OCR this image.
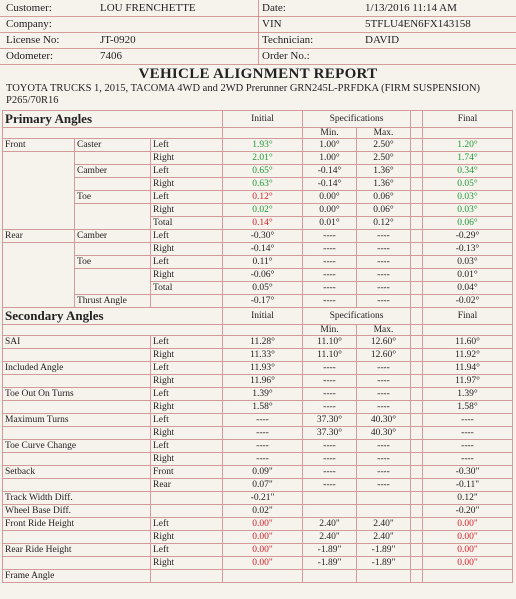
Customer:	LOU FRENCHETTE
Company:
License No:	JT-0920
Odometer:	7406
Date:	1/13/2016 11:14 AM
VIN	5TFLU4EN6FX143158
Technician:	DAVID
Order No.:
VEHICLE ALIGNMENT REPORT
TOYOTA TRUCKS 1, 2015, TACOMA 4WD and 2WD Prerunner GRN245L-PRFDKA (FIRM SUSPENSION) P265/70R16
Primary Angles			Initial	Specifications			Final
				Min.	Max.		
Front	Caster	Left	1.93°	1.00°	2.50°		1.20°
		Right	2.01°	1.00°	2.50°		1.74°
	Camber	Left	0.65°	-0.14°	1.36°		0.34°
		Right	0.63°	-0.14°	1.36°		0.05°
	Toe	Left	0.12°	0.00°	0.06°		0.03°
		Right	0.02°	0.00°	0.06°		0.03°
		Total	0.14°	0.01°	0.12°		0.06°
Rear	Camber	Left	-0.30°	----	----		-0.29°
		Right	-0.14°	----	----		-0.13°
	Toe	Left	0.11°	----	----		0.03°
		Right	-0.06°	----	----		0.01°
		Total	0.05°	----	----		0.04°
	Thrust Angle		-0.17°	----	----		-0.02°
Secondary Angles			Initial	Specifications			Final
				Min.	Max.		
SAI		Left	11.28°	11.10°	12.60°		11.60°
		Right	11.33°	11.10°	12.60°		11.92°
Included Angle		Left	11.93°	----	----		11.94°
		Right	11.96°	----	----		11.97°
Toe Out On Turns		Left	1.39°	----	----		1.39°
		Right	1.58°	----	----		1.58°
Maximum Turns		Left	----	37.30°	40.30°		----
		Right	----	37.30°	40.30°		----
Toe Curve Change		Left	----	----	----		----
		Right	----	----	----		----
Setback		Front	0.09"	----	----		-0.30"
		Rear	0.07"	----	----		-0.11"
Track Width Diff.			-0.21"				0.12"
Wheel Base Diff.			0.02"				-0.20"
Front Ride Height		Left	0.00"	2.40"	2.40"		0.00"
		Right	0.00"	2.40"	2.40"		0.00"
Rear Ride Height		Left	0.00"	-1.89"	-1.89"		0.00"
		Right	0.00"	-1.89"	-1.89"		0.00"
Frame Angle							
